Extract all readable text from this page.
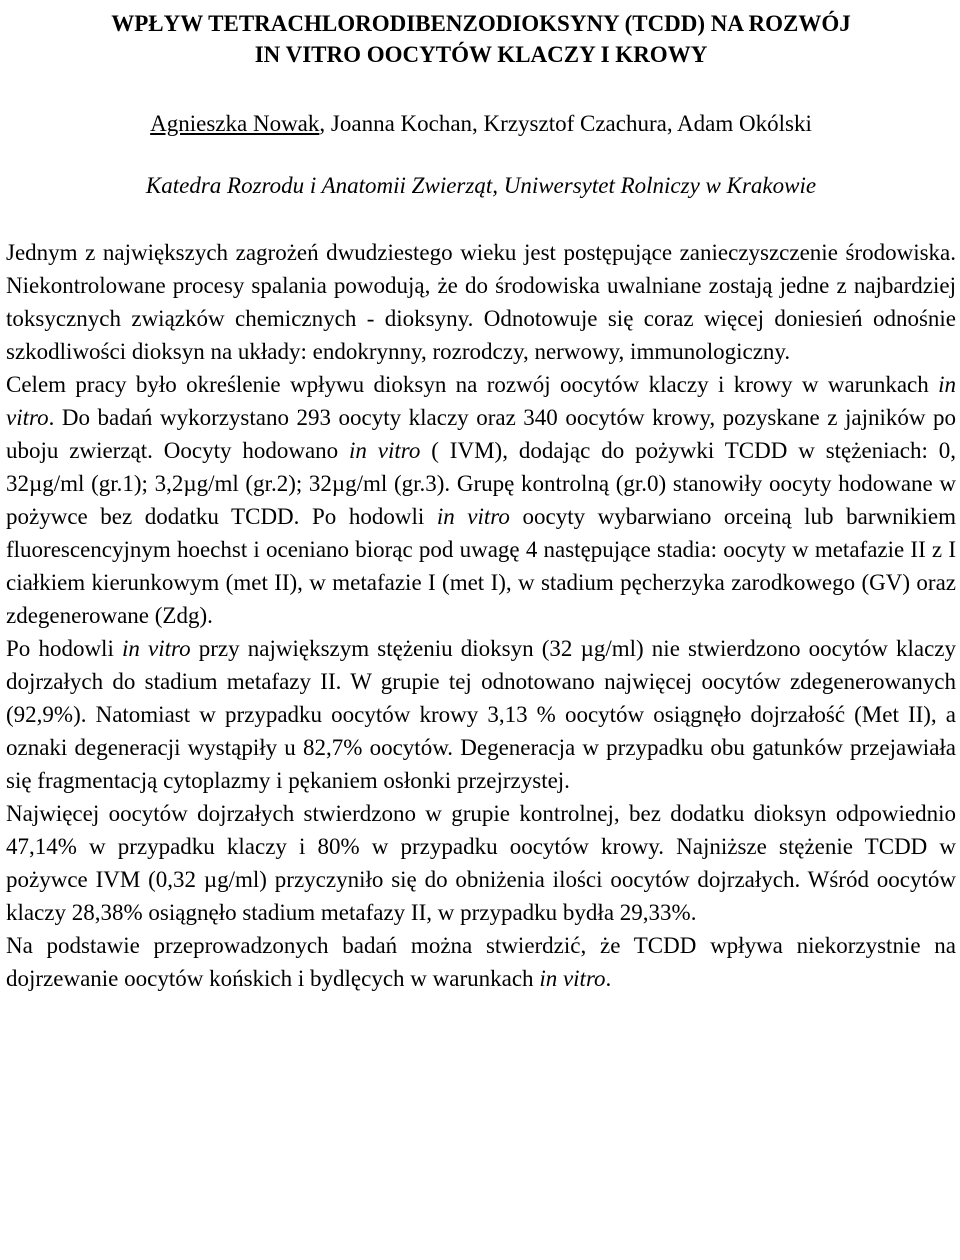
WPŁYW TETRACHLORODIBENZODIOKSYNY (TCDD) NA ROZWÓJ
IN VITRO OOCYTÓW KLACZY I KROWY

Agnieszka Nowak, Joanna Kochan, Krzysztof Czachura, Adam Okólski

Katedra Rozrodu i Anatomii Zwierząt, Uniwersytet Rolniczy w Krakowie

Jednym z największych zagrożeń dwudziestego wieku jest postępujące zanieczyszczenie środowiska. Niekontrolowane procesy spalania powodują, że do środowiska uwalniane zostają jedne z najbardziej toksycznych związków chemicznych - dioksyny. Odnotowuje się coraz więcej doniesień odnośnie szkodliwości dioksyn na układy: endokrynny, rozrodczy, nerwowy, immunologiczny.

Celem pracy było określenie wpływu dioksyn na rozwój oocytów klaczy i krowy w warunkach in vitro. Do badań wykorzystano 293 oocyty klaczy oraz 340 oocytów krowy, pozyskane z jajników po uboju zwierząt. Oocyty hodowano in vitro ( IVM), dodając do pożywki TCDD w stężeniach: 0, 32µg/ml (gr.1); 3,2µg/ml (gr.2); 32µg/ml (gr.3). Grupę kontrolną (gr.0) stanowiły oocyty hodowane w pożywce bez dodatku TCDD. Po hodowli in vitro oocyty wybarwiano orceiną lub barwnikiem fluorescencyjnym hoechst i oceniano biorąc pod uwagę 4 następujące stadia: oocyty w metafazie II z I ciałkiem kierunkowym (met II), w metafazie I (met I), w stadium pęcherzyka zarodkowego (GV) oraz zdegenerowane (Zdg).

Po hodowli in vitro przy największym stężeniu dioksyn (32 µg/ml) nie stwierdzono oocytów klaczy dojrzałych do stadium metafazy II. W grupie tej odnotowano najwięcej oocytów zdegenerowanych (92,9%). Natomiast w przypadku oocytów krowy 3,13 % oocytów osiągnęło dojrzałość (Met II), a oznaki degeneracji wystąpiły u 82,7% oocytów. Degeneracja w przypadku obu gatunków przejawiała się fragmentacją cytoplazmy i pękaniem osłonki przejrzystej.

Najwięcej oocytów dojrzałych stwierdzono w grupie kontrolnej, bez dodatku dioksyn odpowiednio 47,14% w przypadku klaczy i 80% w przypadku oocytów krowy. Najniższe stężenie TCDD w pożywce IVM (0,32 µg/ml) przyczyniło się do obniżenia ilości oocytów dojrzałych. Wśród oocytów klaczy 28,38% osiągnęło stadium metafazy II, w przypadku bydła 29,33%.

Na podstawie przeprowadzonych badań można stwierdzić, że TCDD wpływa niekorzystnie na dojrzewanie oocytów końskich i bydlęcych w warunkach in vitro.
